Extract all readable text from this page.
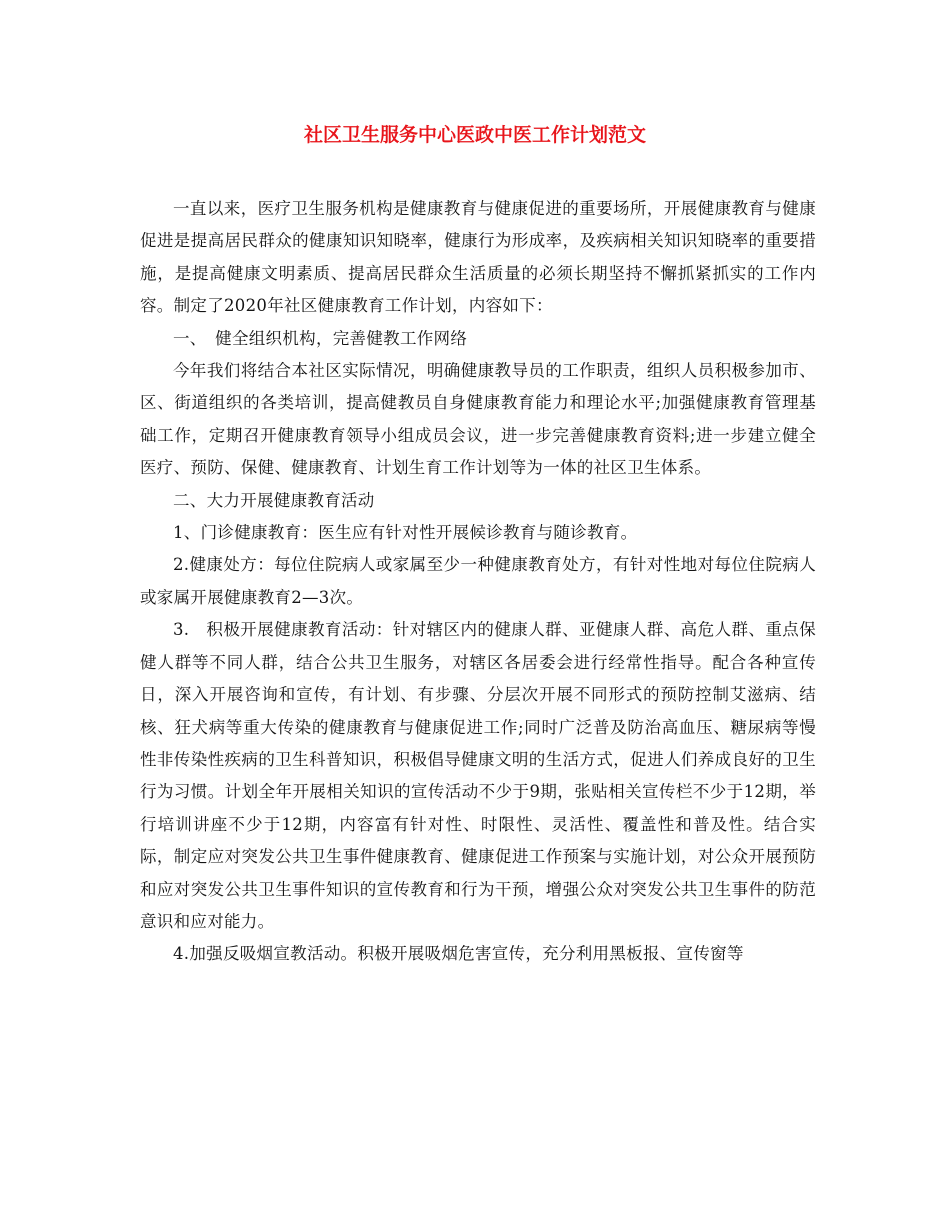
社区卫生服务中心医政中医工作计划范文

一直以来，医疗卫生服务机构是健康教育与健康促进的重要场所，开展健康教育与健康促进是提高居民群众的健康知识知晓率，健康行为形成率，及疾病相关知识知晓率的重要措施，是提高健康文明素质、提高居民群众生活质量的必须长期坚持不懈抓紧抓实的工作内容。制定了2020年社区健康教育工作计划，内容如下：

一、　健全组织机构，完善健教工作网络

今年我们将结合本社区实际情况，明确健康教导员的工作职责，组织人员积极参加市、区、街道组织的各类培训，提高健教员自身健康教育能力和理论水平;加强健康教育管理基础工作，定期召开健康教育领导小组成员会议，进一步完善健康教育资料;进一步建立健全医疗、预防、保健、健康教育、计划生育工作计划等为一体的社区卫生体系。

二、大力开展健康教育活动

1、门诊健康教育：医生应有针对性开展候诊教育与随诊教育。

2.健康处方：每位住院病人或家属至少一种健康教育处方，有针对性地对每位住院病人或家属开展健康教育2—3次。

3.　积极开展健康教育活动：针对辖区内的健康人群、亚健康人群、高危人群、重点保健人群等不同人群，结合公共卫生服务，对辖区各居委会进行经常性指导。配合各种宣传日，深入开展咨询和宣传，有计划、有步骤、分层次开展不同形式的预防控制艾滋病、结核、狂犬病等重大传染的健康教育与健康促进工作;同时广泛普及防治高血压、糖尿病等慢性非传染性疾病的卫生科普知识，积极倡导健康文明的生活方式，促进人们养成良好的卫生行为习惯。计划全年开展相关知识的宣传活动不少于9期，张贴相关宣传栏不少于12期，举行培训讲座不少于12期，内容富有针对性、时限性、灵活性、覆盖性和普及性。结合实际，制定应对突发公共卫生事件健康教育、健康促进工作预案与实施计划，对公众开展预防和应对突发公共卫生事件知识的宣传教育和行为干预，增强公众对突发公共卫生事件的防范意识和应对能力。

4.加强反吸烟宣教活动。积极开展吸烟危害宣传，充分利用黑板报、宣传窗等
